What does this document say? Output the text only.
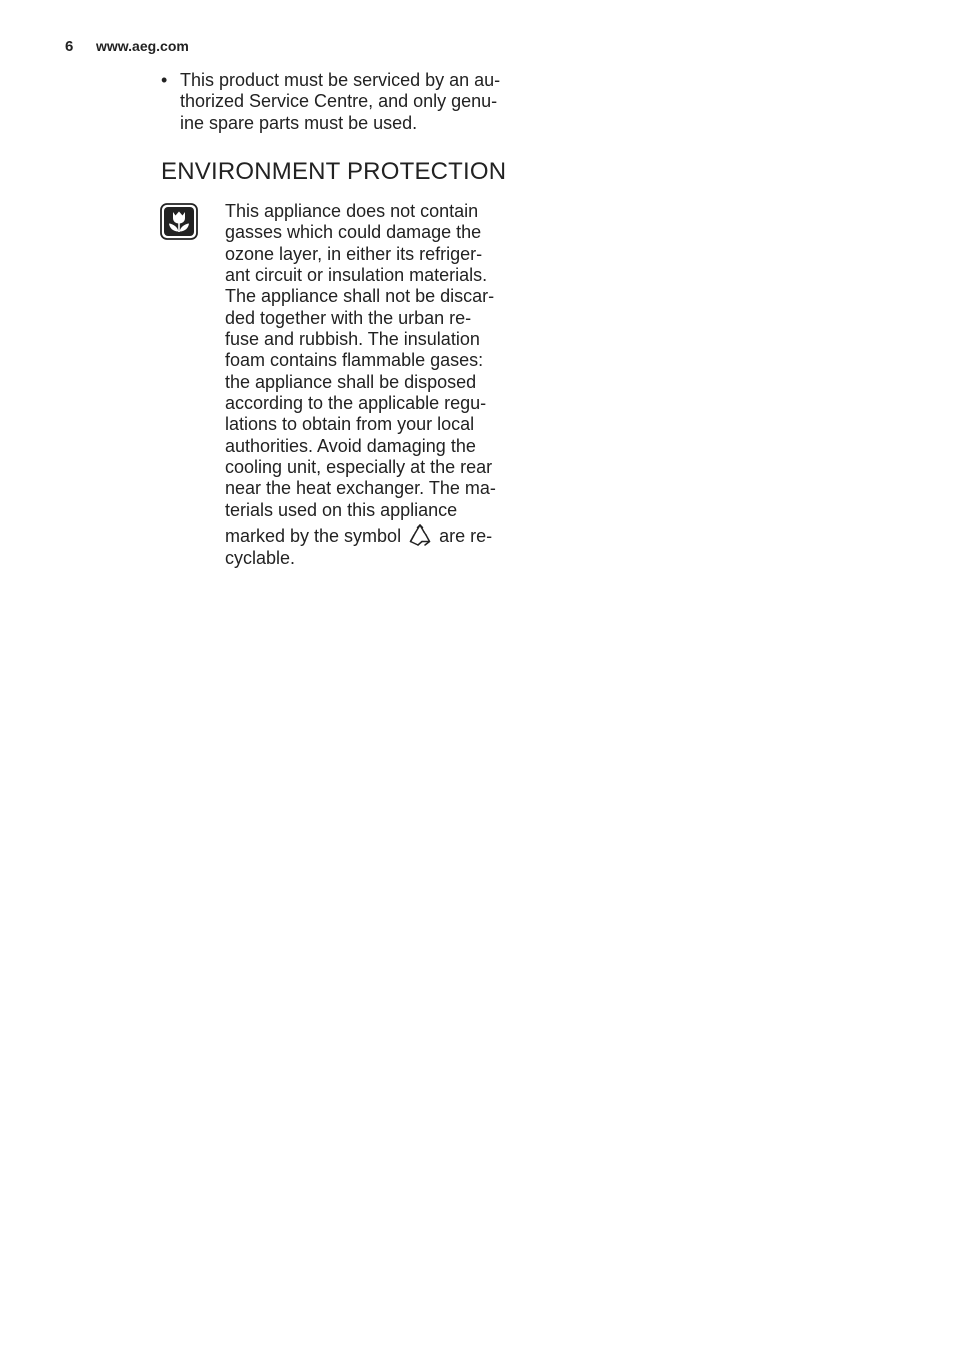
6	www.aeg.com
• This product must be serviced by an au-
thorized Service Centre, and only genu-
ine spare parts must be used.
ENVIRONMENT PROTECTION
This appliance does not contain
gasses which could damage the
ozone layer, in either its refriger-
ant circuit or insulation materials.
The appliance shall not be discar-
ded together with the urban re-
fuse and rubbish. The insulation
foam contains flammable gases:
the appliance shall be disposed
according to the applicable regu-
lations to obtain from your local
authorities. Avoid damaging the
cooling unit, especially at the rear
near the heat exchanger. The ma-
terials used on this appliance
marked by the symbol are re-
cyclable.
